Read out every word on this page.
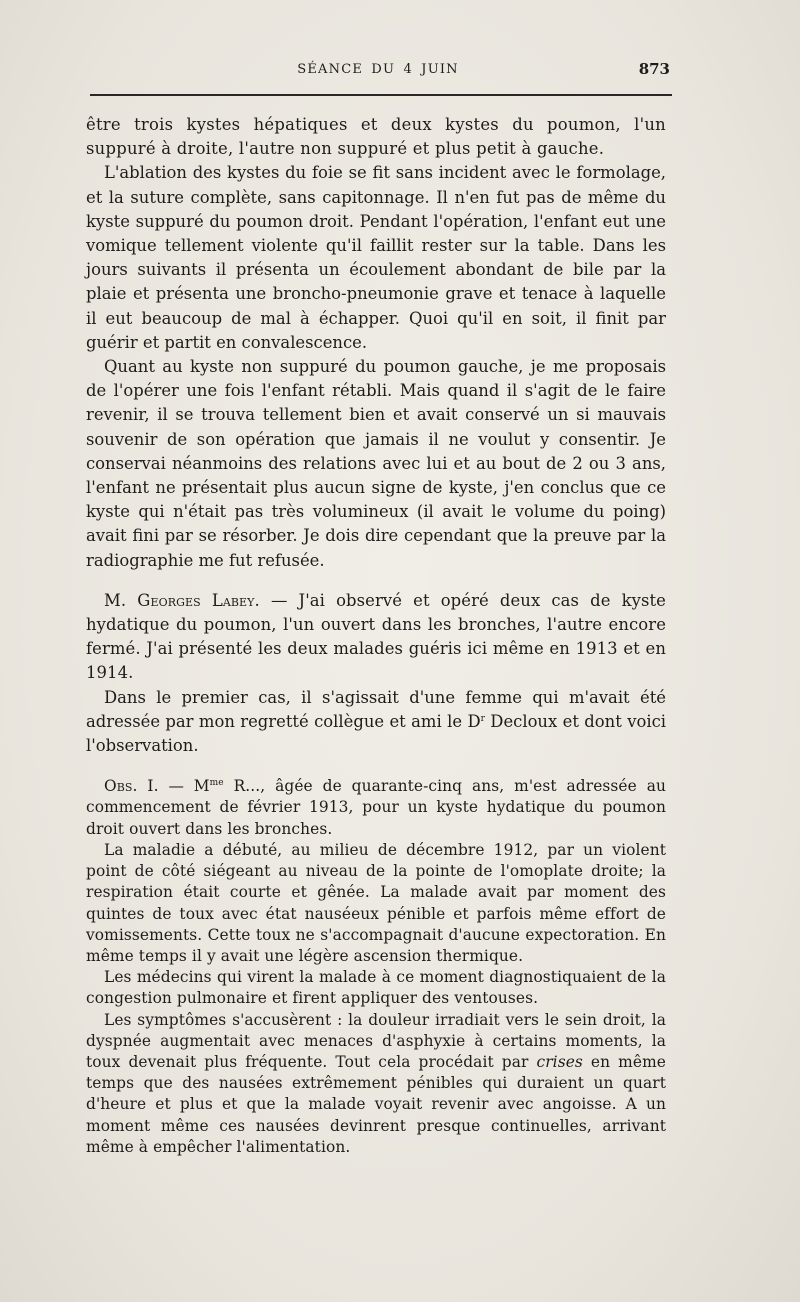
SÉANCE DU 4 JUIN	873

être trois kystes hépatiques et deux kystes du poumon, l'un suppuré à droite, l'autre non suppuré et plus petit à gauche.

L'ablation des kystes du foie se fit sans incident avec le formolage, et la suture complète, sans capitonnage. Il n'en fut pas de même du kyste suppuré du poumon droit. Pendant l'opération, l'enfant eut une vomique tellement violente qu'il faillit rester sur la table. Dans les jours suivants il présenta un écoulement abondant de bile par la plaie et présenta une broncho-pneumonie grave et tenace à laquelle il eut beaucoup de mal à échapper. Quoi qu'il en soit, il finit par guérir et partit en convalescence.

Quant au kyste non suppuré du poumon gauche, je me proposais de l'opérer une fois l'enfant rétabli. Mais quand il s'agit de le faire revenir, il se trouva tellement bien et avait conservé un si mauvais souvenir de son opération que jamais il ne voulut y consentir. Je conservai néanmoins des relations avec lui et au bout de 2 ou 3 ans, l'enfant ne présentait plus aucun signe de kyste, j'en conclus que ce kyste qui n'était pas très volumineux (il avait le volume du poing) avait fini par se résorber. Je dois dire cependant que la preuve par la radiographie me fut refusée.

M. Georges Labey. — J'ai observé et opéré deux cas de kyste hydatique du poumon, l'un ouvert dans les bronches, l'autre encore fermé. J'ai présenté les deux malades guéris ici même en 1913 et en 1914.

Dans le premier cas, il s'agissait d'une femme qui m'avait été adressée par mon regretté collègue et ami le $D^r$ Decloux et dont voici l'observation.

Obs. I. — $M^{me}$ R..., âgée de quarante-cinq ans, m'est adressée au commencement de février 1913, pour un kyste hydatique du poumon droit ouvert dans les bronches.

La maladie a débuté, au milieu de décembre 1912, par un violent point de côté siégeant au niveau de la pointe de l'omoplate droite; la respiration était courte et gênée. La malade avait par moment des quintes de toux avec état nauséeux pénible et parfois même effort de vomissements. Cette toux ne s'accompagnait d'aucune expectoration. En même temps il y avait une légère ascension thermique.

Les médecins qui virent la malade à ce moment diagnostiquaient de la congestion pulmonaire et firent appliquer des ventouses.

Les symptômes s'accusèrent : la douleur irradiait vers le sein droit, la dyspnée augmentait avec menaces d'asphyxie à certains moments, la toux devenait plus fréquente. Tout cela procédait par crises en même temps que des nausées extrêmement pénibles qui duraient un quart d'heure et plus et que la malade voyait revenir avec angoisse. A un moment même ces nausées devinrent presque continuelles, arrivant même à empêcher l'alimentation.
